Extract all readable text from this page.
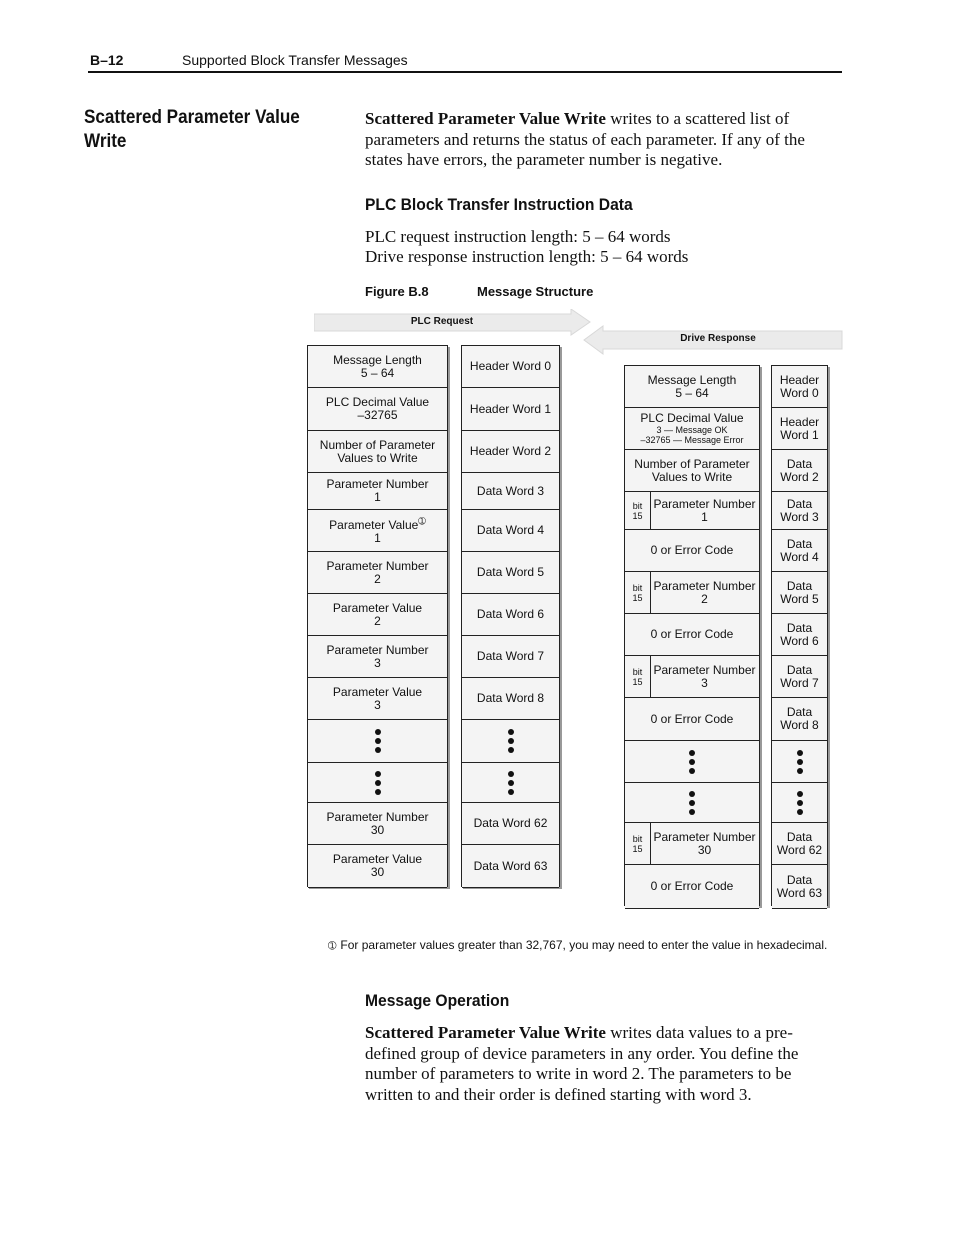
B–12	Supported Block Transfer Messages
Scattered Parameter Value Write
Scattered Parameter Value Write writes to a scattered list of parameters and returns the status of each parameter. If any of the states have errors, the parameter number is negative.
PLC Block Transfer Instruction Data
PLC request instruction length: 5 – 64 words
Drive response instruction length: 5 – 64 words
Figure B.8	Message Structure
PLC Request
Drive Response
Message Length
5 – 64
PLC Decimal Value
–32765
Number of Parameter
Values to Write
Parameter Number
1
Parameter Value$^➀$
1
Parameter Number
2
Parameter Value
2
Parameter Number
3
Parameter Value
3
Parameter Number
30
Parameter Value
30
Header Word 0
Header Word 1
Header Word 2
Data Word 3
Data Word 4
Data Word 5
Data Word 6
Data Word 7
Data Word 8
Data Word 62
Data Word 63
Message Length
5 – 64
PLC Decimal Value
3 — Message OK
–32765 — Message Error
Number of Parameter
Values to Write
bit
15
Parameter Number
1
0 or Error Code
bit
15
Parameter Number
2
0 or Error Code
bit
15
Parameter Number
3
0 or Error Code
bit
15
Parameter Number
30
0 or Error Code
Header
Word 0
Header
Word 1
Data
Word 2
Data
Word 3
Data
Word 4
Data
Word 5
Data
Word 6
Data
Word 7
Data
Word 8
Data
Word 62
Data
Word 63
➀ For parameter values greater than 32,767, you may need to enter the value in hexadecimal.
Message Operation
Scattered Parameter Value Write writes data values to a pre-defined group of device parameters in any order. You define the number of parameters to write in word 2. The parameters to be written to and their order is defined starting with word 3.
